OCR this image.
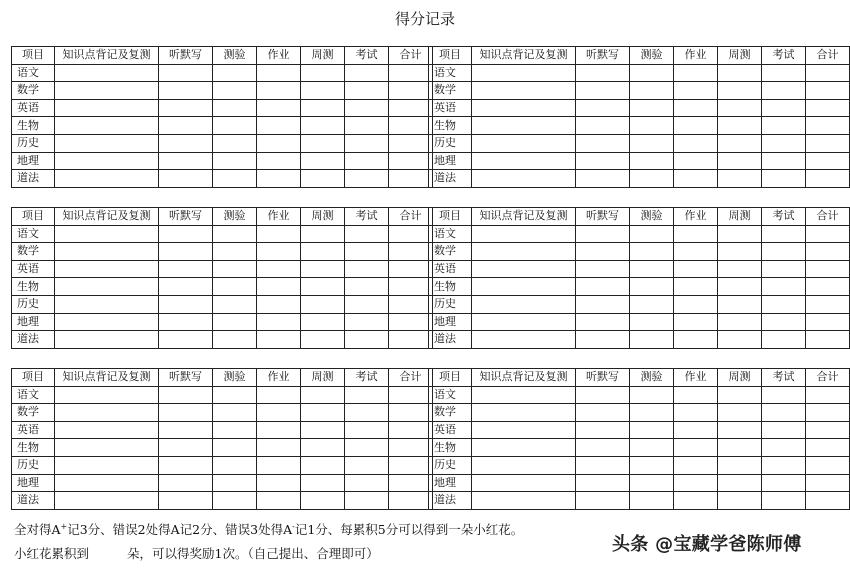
得分记录
项目	知识点背记及复测	听默写	测验	作业	周测	考试	合计
语文							
数学							
英语							
生物							
历史							
地理							
道法							
项目	知识点背记及复测	听默写	测验	作业	周测	考试	合计
语文							
数学							
英语							
生物							
历史							
地理							
道法							
项目	知识点背记及复测	听默写	测验	作业	周测	考试	合计
语文							
数学							
英语							
生物							
历史							
地理							
道法							
项目	知识点背记及复测	听默写	测验	作业	周测	考试	合计
语文							
数学							
英语							
生物							
历史							
地理							
道法							
项目	知识点背记及复测	听默写	测验	作业	周测	考试	合计
语文							
数学							
英语							
生物							
历史							
地理							
道法							
项目	知识点背记及复测	听默写	测验	作业	周测	考试	合计
语文							
数学							
英语							
生物							
历史							
地理							
道法							
全对得A+记3分、错误2处得A记2分、错误3处得A-记1分、每累积5分可以得到一朵小红花。
小红花累积到	朵，可以得奖励1次。（自己提出、合理即可）	头条 @宝藏学爸陈师傅
